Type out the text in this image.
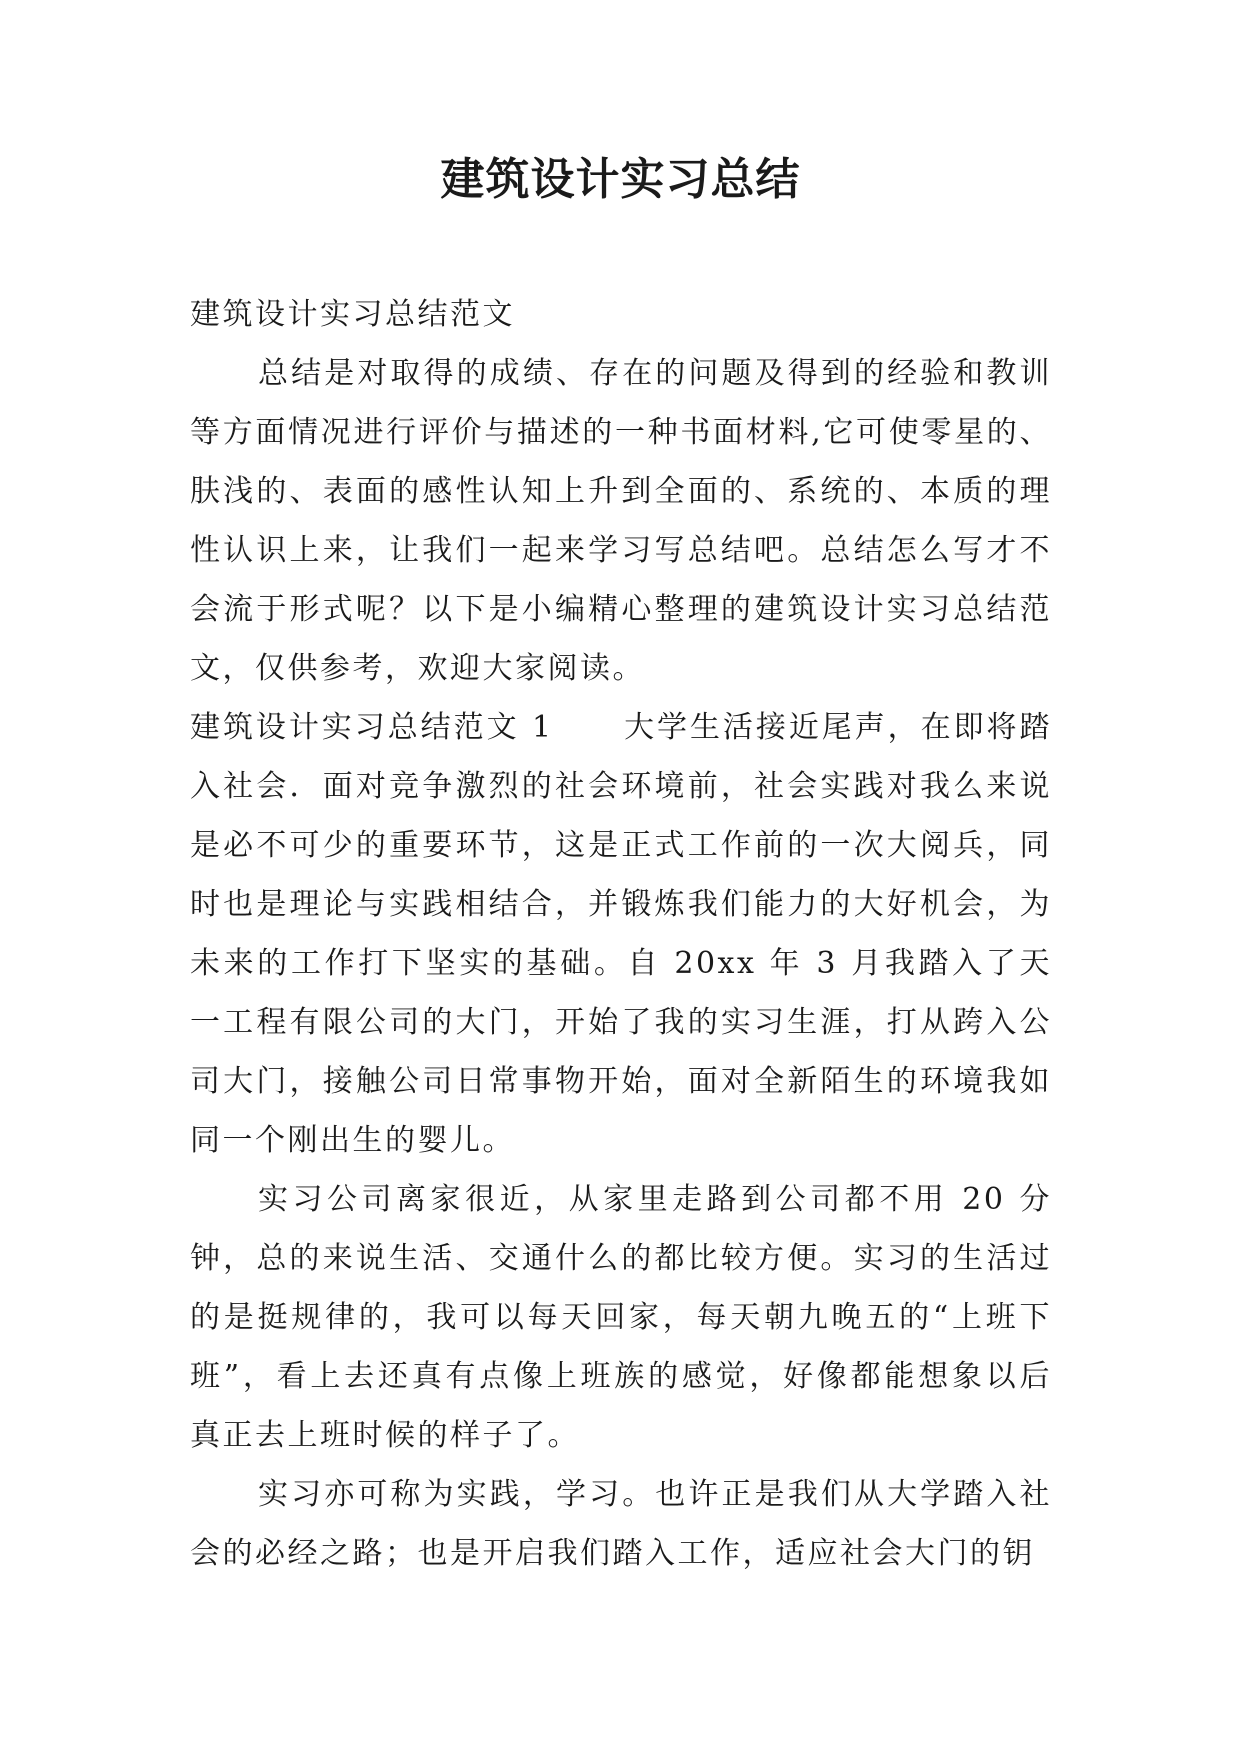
建筑设计实习总结

建筑设计实习总结范文

总结是对取得的成绩、存在的问题及得到的经验和教训等方面情况进行评价与描述的一种书面材料,它可使零星的、肤浅的、表面的感性认知上升到全面的、系统的、本质的理性认识上来，让我们一起来学习写总结吧。总结怎么写才不会流于形式呢？以下是小编精心整理的建筑设计实习总结范文，仅供参考，欢迎大家阅读。

建筑设计实习总结范文 1 大学生活接近尾声，在即将踏入社会．面对竞争激烈的社会环境前，社会实践对我么来说是必不可少的重要环节，这是正式工作前的一次大阅兵，同时也是理论与实践相结合，并锻炼我们能力的大好机会，为未来的工作打下坚实的基础。自 20xx 年 3 月我踏入了天一工程有限公司的大门，开始了我的实习生涯，打从跨入公司大门，接触公司日常事物开始，面对全新陌生的环境我如同一个刚出生的婴儿。

实习公司离家很近，从家里走路到公司都不用 20 分钟，总的来说生活、交通什么的都比较方便。实习的生活过的是挺规律的，我可以每天回家，每天朝九晚五的“上班下班”，看上去还真有点像上班族的感觉，好像都能想象以后真正去上班时候的样子了。

实习亦可称为实践，学习。也许正是我们从大学踏入社会的必经之路；也是开启我们踏入工作，适应社会大门的钥
